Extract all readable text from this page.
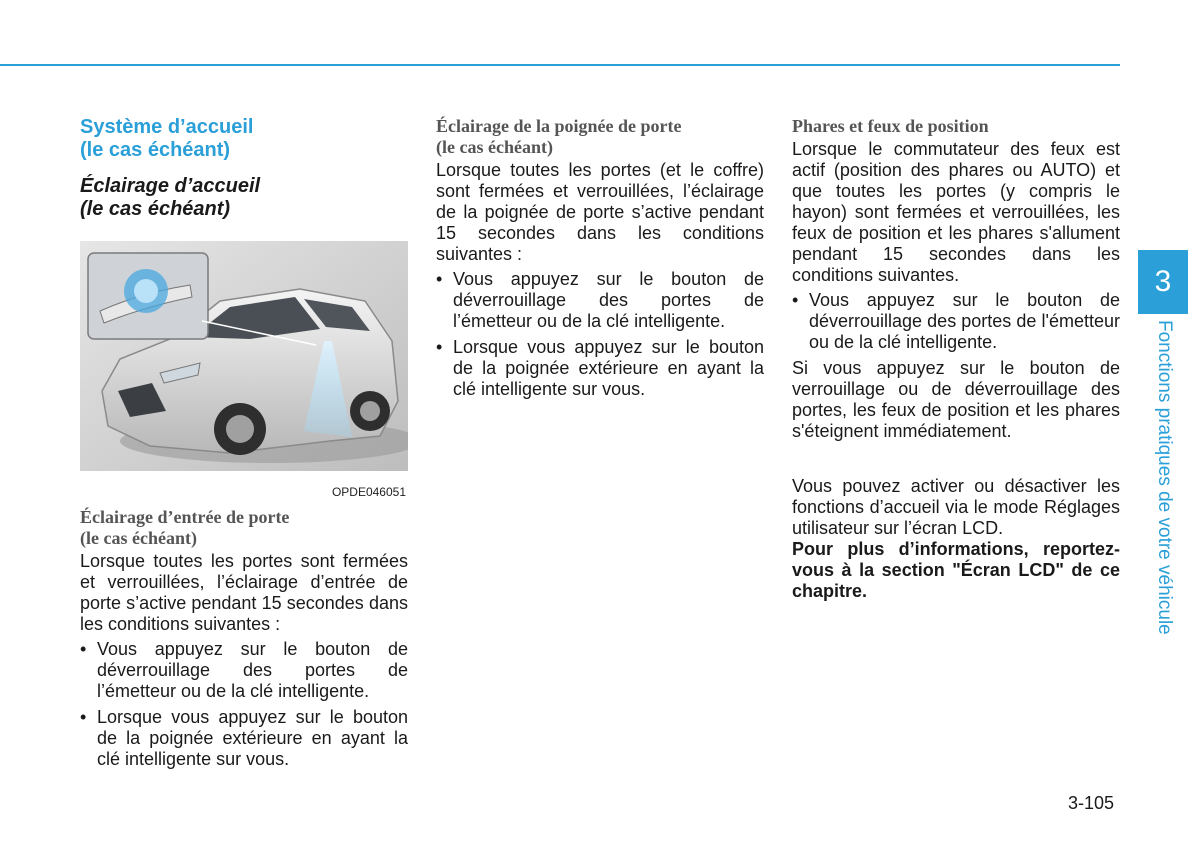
Système d’accueil
(le cas échéant)
Éclairage d’accueil
(le cas échéant)
OPDE046051
Éclairage d’entrée de porte
(le cas échéant)

Lorsque toutes les portes sont fermées et verrouillées, l’éclairage d’entrée de porte s’active pendant 15 secondes dans les conditions suivantes :

• Vous appuyez sur le bouton de déverrouillage des portes de l’émetteur ou de la clé intelligente.
• Lorsque vous appuyez sur le bouton de la poignée extérieure en ayant la clé intelligente sur vous.
Éclairage de la poignée de porte
(le cas échéant)

Lorsque toutes les portes (et le coffre) sont fermées et verrouillées, l’éclairage de la poignée de porte s’active pendant 15 secondes dans les conditions suivantes :

• Vous appuyez sur le bouton de déverrouillage des portes de l’émetteur ou de la clé intelligente.
• Lorsque vous appuyez sur le bouton de la poignée extérieure en ayant la clé intelligente sur vous.
Phares et feux de position

Lorsque le commutateur des feux est actif (position des phares ou AUTO) et que toutes les portes (y compris le hayon) sont fermées et verrouillées, les feux de position et les phares s'allument pendant 15 secondes dans les conditions suivantes.

• Vous appuyez sur le bouton de déverrouillage des portes de l'émetteur ou de la clé intelligente.

Si vous appuyez sur le bouton de verrouillage ou de déverrouillage des portes, les feux de position et les phares s'éteignent immédiatement.

Vous pouvez activer ou désactiver les fonctions d’accueil via le mode Réglages utilisateur sur l’écran LCD.

Pour plus d’informations, reportez-vous à la section "Écran LCD" de ce chapitre.

3
Fonctions pratiques de votre véhicule
3-105
